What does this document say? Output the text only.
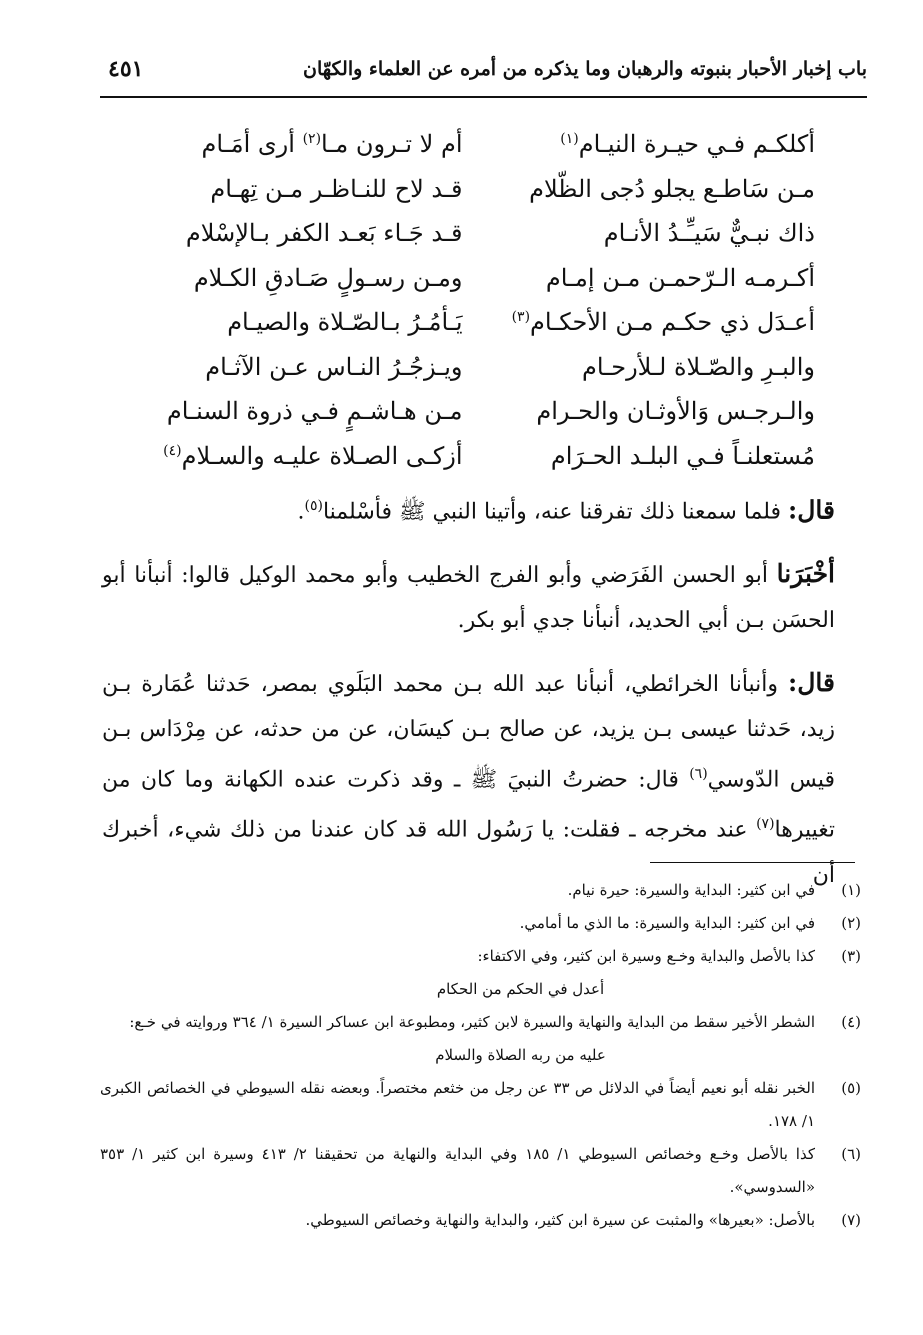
باب إخبار الأحبار بنبوته والرهبان وما يذكره من أمره عن العلماء والكهّان
٤٥١
أكلكـم فـي حيـرة النيـام$^{(١)}$
أم لا تـرون مـا$^{(٢)}$ أرى أمَـام
مـن سَاطـع يجلو دُجى الظّلام
قـد لاح للنـاظـر مـن تِهـام
ذاك نبـيٌّ سَيـِّـدُ الأنـام
قـد جَـاء بَعـد الكفر بـالإسْلام
أكـرمـه الـرّحمـن مـن إمـام
ومـن رسـولٍ صَـادقِ الكـلام
أعـدَل ذي حكـم مـن الأحكـام$^{(٣)}$
يَـأمُـرُ بـالصّـلاة والصيـام
والبـرِ والصّـلاة لـلأرحـام
ويـزجُـرُ النـاس عـن الآثـام
والـرجـس وَالأوثـان والحـرام
مـن هـاشـمٍ فـي ذروة السنـام
مُستعلنـاً فـي البلـد الحـرَام
أزكـى الصـلاة عليـه والسـلام$^{(٤)}$

قال: فلما سمعنا ذلك تفرقنا عنه، وأتينا النبي ﷺ فأسْلمنا$^{(٥)}$.

أخْبَرَنا أبو الحسن الفَرَضي وأبو الفرج الخطيب وأبو محمد الوكيل قالوا: أنبأنا أبو الحسَن بـن أبي الحديد، أنبأنا جدي أبو بكر.

قال: وأنبأنا الخرائطي، أنبأنا عبد الله بـن محمد البَلَوي بمصر، حَدثنا عُمَارة بـن زيد، حَدثنا عيسى بـن يزيد، عن صالح بـن كيسَان، عن من حدثه، عن مِرْدَاس بـن قيس الدّوسي$^{(٦)}$ قال: حضرتُ النبيَ ﷺ ـ وقد ذكرت عنده الكهانة وما كان من تغييرها$^{(٧)}$ عند مخرجه ـ فقلت: يا رَسُول الله قد كان عندنا من ذلك شيء، أخبرك أن

(١)
في ابن كثير: البداية والسيرة: حيرة نيام.
(٢)
في ابن كثير: البداية والسيرة: ما الذي ما أمامي.
(٣)
كذا بالأصل والبداية وخـع وسيرة ابن كثير، وفي الاكتفاء:
أعدل في الحكم من الحكام
(٤)
الشطر الأخير سقط من البداية والنهاية والسيرة لابن كثير، ومطبوعة ابن عساكر السيرة ١/ ٣٦٤ وروايته في خـع:
عليه من ربه الصلاة والسلام
(٥)
الخبر نقله أبو نعيم أيضاً في الدلائل ص ٣٣ عن رجل من خثعم مختصراً. وبعضه نقله السيوطي في الخصائص الكبرى ١/ ١٧٨.
(٦)
كذا بالأصل وخـع وخصائص السيوطي ١/ ١٨٥ وفي البداية والنهاية من تحقيقنا ٢/ ٤١٣ وسيرة ابن كثير ١/ ٣٥٣ «السدوسي».
(٧)
بالأصل: «بعيرها» والمثبت عن سيرة ابن كثير، والبداية والنهاية وخصائص السيوطي.
